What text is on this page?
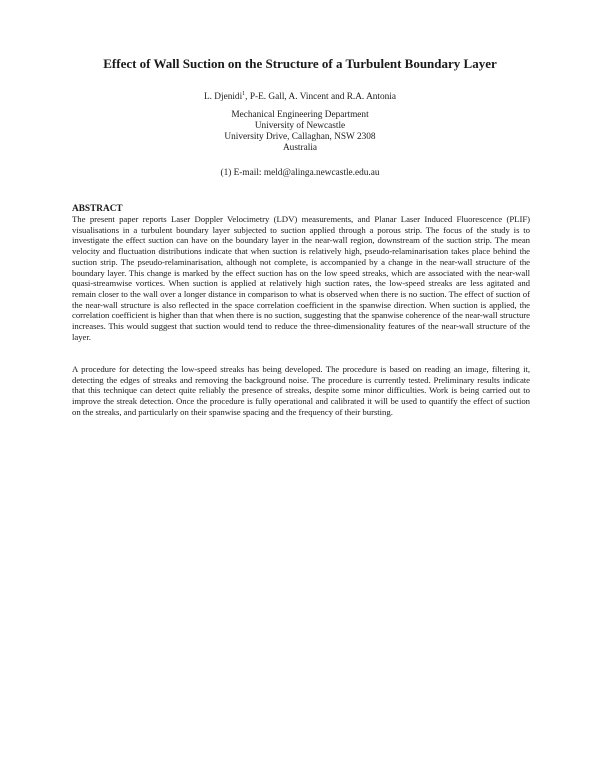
Effect of Wall Suction on the Structure of a Turbulent Boundary Layer
L. Djenidi$^1$, P-E. Gall, A. Vincent and R.A. Antonia
Mechanical Engineering Department
University of Newcastle
University Drive, Callaghan, NSW 2308
Australia
(1) E-mail: meld@alinga.newcastle.edu.au
ABSTRACT

The present paper reports Laser Doppler Velocimetry (LDV) measurements, and Planar Laser Induced Fluorescence (PLIF) visualisations in a turbulent boundary layer subjected to suction applied through a porous strip. The focus of the study is to investigate the effect suction can have on the boundary layer in the near-wall region, downstream of the suction strip. The mean velocity and fluctuation distributions indicate that when suction is relatively high, pseudo-relaminarisation takes place behind the suction strip. The pseudo-relaminarisation, although not complete, is accompanied by a change in the near-wall structure of the boundary layer. This change is marked by the effect suction has on the low speed streaks, which are associated with the near-wall quasi-streamwise vortices. When suction is applied at relatively high suction rates, the low-speed streaks are less agitated and remain closer to the wall over a longer distance in comparison to what is observed when there is no suction. The effect of suction of the near-wall structure is also reflected in the space correlation coefficient in the spanwise direction. When suction is applied, the correlation coefficient is higher than that when there is no suction, suggesting that the spanwise coherence of the near-wall structure increases. This would suggest that suction would tend to reduce the three-dimensionality features of the near-wall structure of the layer.

A procedure for detecting the low-speed streaks has being developed. The procedure is based on reading an image, filtering it, detecting the edges of streaks and removing the background noise. The procedure is currently tested. Preliminary results indicate that this technique can detect quite reliably the presence of streaks, despite some minor difficulties. Work is being carried out to improve the streak detection. Once the procedure is fully operational and calibrated it will be used to quantify the effect of suction on the streaks, and particularly on their spanwise spacing and the frequency of their bursting.
